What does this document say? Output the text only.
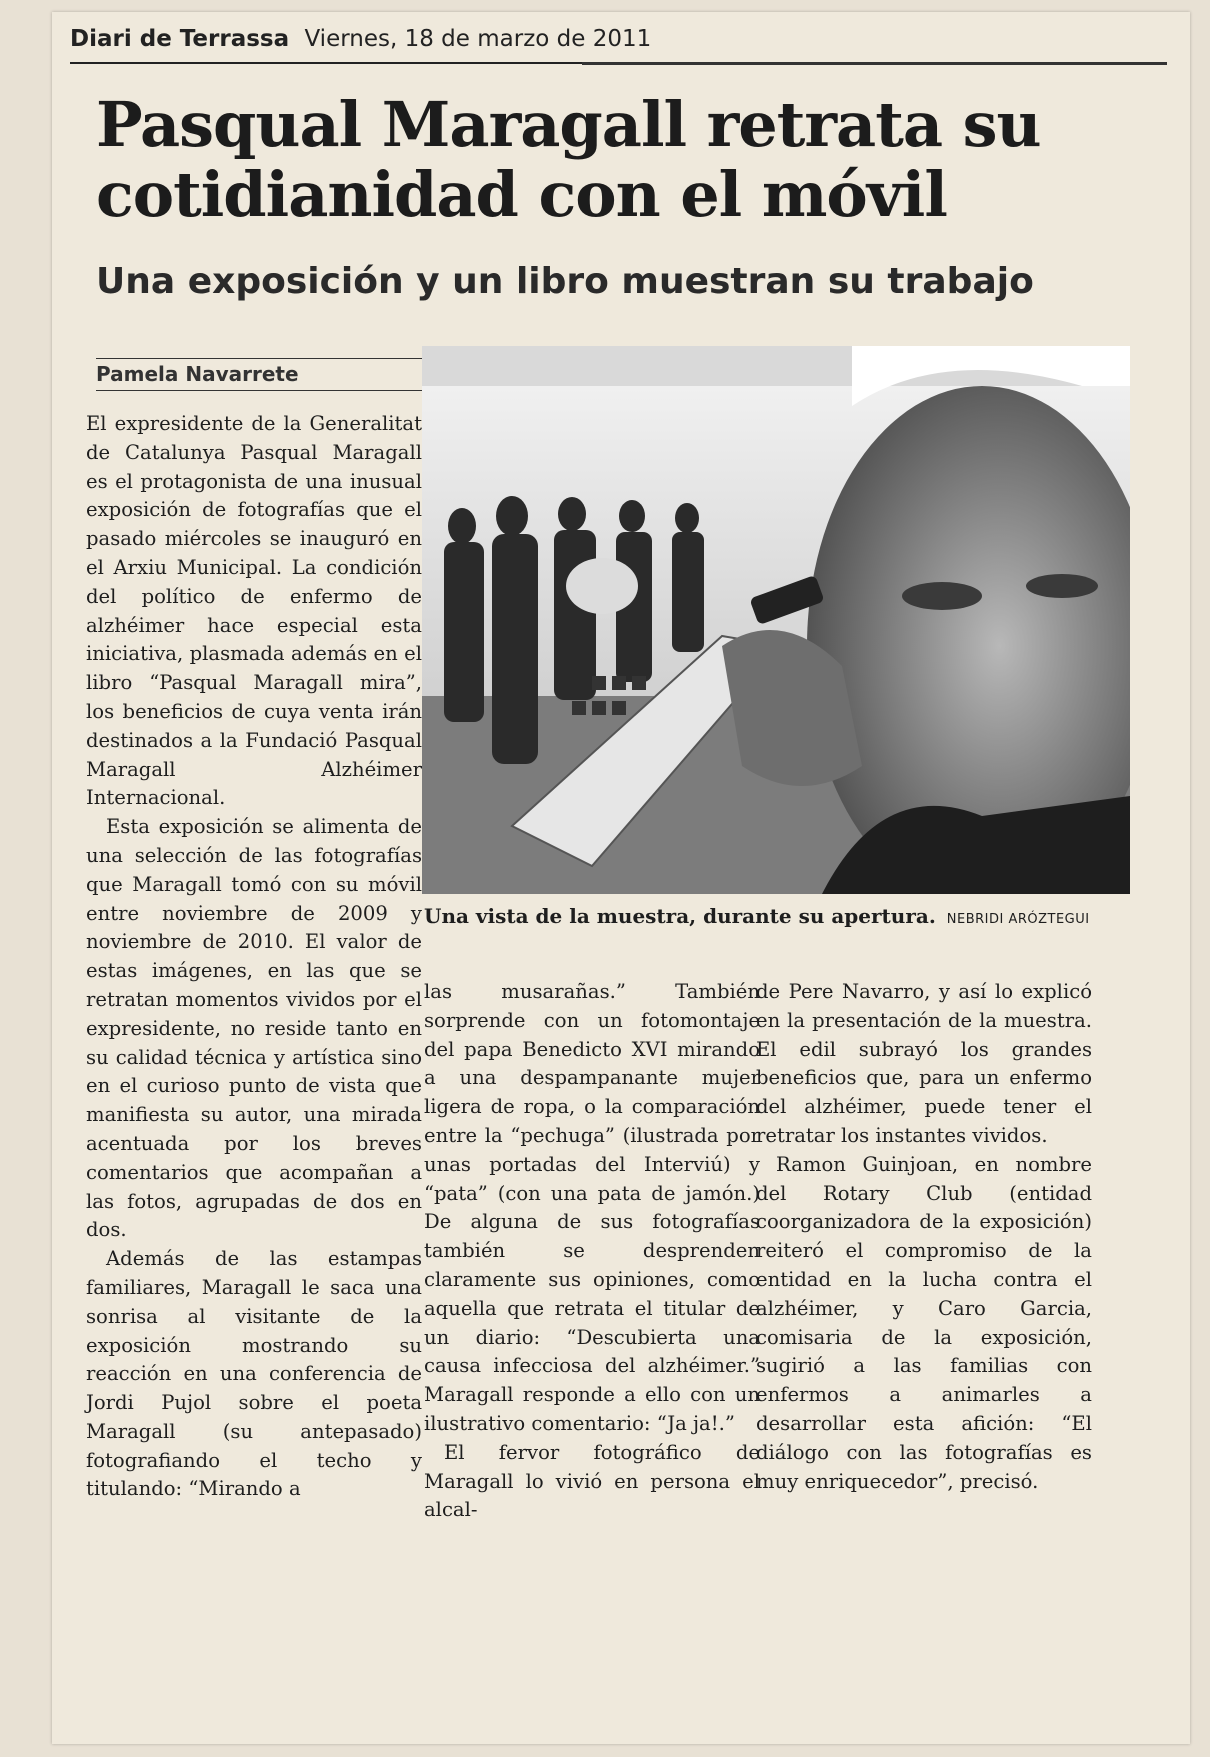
Diari de Terrassa Viernes, 18 de marzo de 2011
Pasqual Maragall retrata su cotidianidad con el móvil
Una exposición y un libro muestran su trabajo
Pamela Navarrete

El expresidente de la Generalitat de Catalunya Pasqual Maragall es el protagonista de una inusual exposición de fotografías que el pasado miércoles se inauguró en el Arxiu Municipal. La condición del político de enfermo de alzhéimer hace especial esta iniciativa, plasmada además en el libro “Pasqual Maragall mira”, los beneficios de cuya venta irán destinados a la Fundació Pasqual Maragall Alzhéimer Internacional.

Esta exposición se alimenta de una selección de las fotografías que Maragall tomó con su móvil entre noviembre de 2009 y noviembre de 2010. El valor de estas imágenes, en las que se retratan momentos vividos por el expresidente, no reside tanto en su calidad técnica y artística sino en el curioso punto de vista que manifiesta su autor, una mirada acentuada por los breves comentarios que acompañan a las fotos, agrupadas de dos en dos.

Además de las estampas familiares, Maragall le saca una sonrisa al visitante de la exposición mostrando su reacción en una conferencia de Jordi Pujol sobre el poeta Maragall (su antepasado) fotografiando el techo y titulando: “Mirando a

Una vista de la muestra, durante su apertura. NEBRIDI ARÓZTEGUI

las musarañas.” También sorprende con un fotomontaje del papa Benedicto XVI mirando a una despampanante mujer ligera de ropa, o la comparación entre la “pechuga” (ilustrada por unas portadas del Interviú) y “pata” (con una pata de jamón.) De alguna de sus fotografías también se desprenden claramente sus opiniones, como aquella que retrata el titular de un diario: “Descubierta una causa infecciosa del alzhéimer.” Maragall responde a ello con un ilustrativo comentario: “Ja ja!.”

El fervor fotográfico de Maragall lo vivió en persona el alcal-

de Pere Navarro, y así lo explicó en la presentación de la muestra. El edil subrayó los grandes beneficios que, para un enfermo del alzhéimer, puede tener el retratar los instantes vividos.

Ramon Guinjoan, en nombre del Rotary Club (entidad coorganizadora de la exposición) reiteró el compromiso de la entidad en la lucha contra el alzhéimer, y Caro Garcia, comisaria de la exposición, sugirió a las familias con enfermos a animarles a desarrollar esta afición: “El diálogo con las fotografías es muy enriquecedor”, precisó.
